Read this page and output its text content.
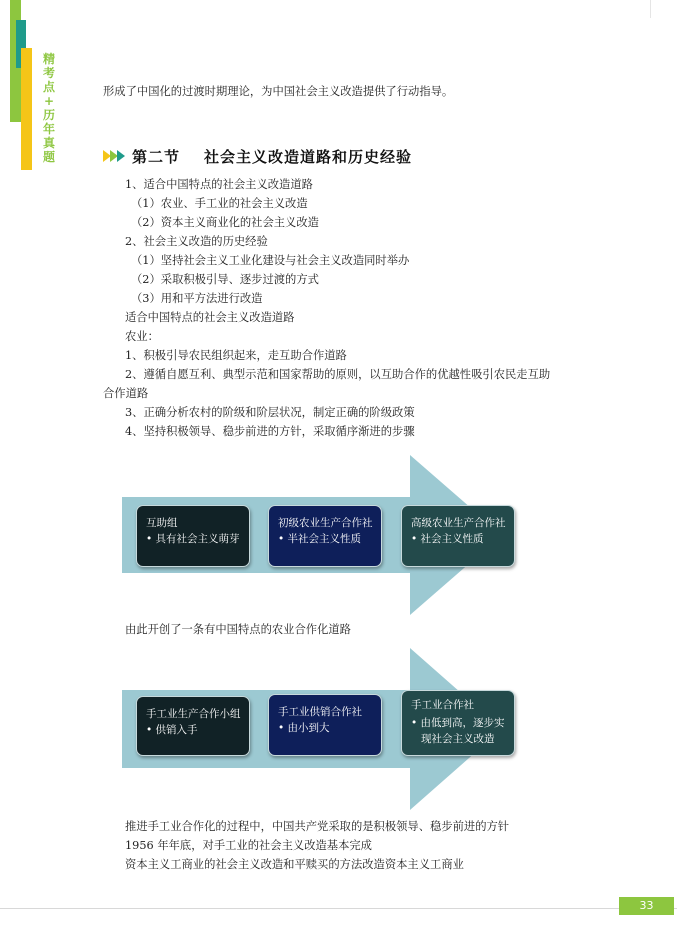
精
考
点
+
历
年
真
题
形成了中国化的过渡时期理论，为中国社会主义改造提供了行动指导。
第二节 社会主义改造道路和历史经验
1、适合中国特点的社会主义改造道路
（1）农业、手工业的社会主义改造
（2）资本主义商业化的社会主义改造
2、社会主义改造的历史经验
（1）坚持社会主义工业化建设与社会主义改造同时举办
（2）采取积极引导、逐步过渡的方式
（3）用和平方法进行改造
适合中国特点的社会主义改造道路
农业：
1、积极引导农民组织起来，走互助合作道路
2、遵循自愿互利、典型示范和国家帮助的原则，以互助合作的优越性吸引农民走互助
合作道路
3、正确分析农村的阶级和阶层状况，制定正确的阶级政策
4、坚持积极领导、稳步前进的方针，采取循序渐进的步骤
互助组
• 具有社会主义萌芽
初级农业生产合作社
• 半社会主义性质
高级农业生产合作社
• 社会主义性质
由此开创了一条有中国特点的农业合作化道路
手工业生产合作小组
• 供销入手
手工业供销合作社
• 由小到大
手工业合作社
• 由低到高，逐步实
现社会主义改造
推进手工业合作化的过程中，中国共产党采取的是积极领导、稳步前进的方针
1956 年年底，对手工业的社会主义改造基本完成
资本主义工商业的社会主义改造和平赎买的方法改造资本主义工商业
33
